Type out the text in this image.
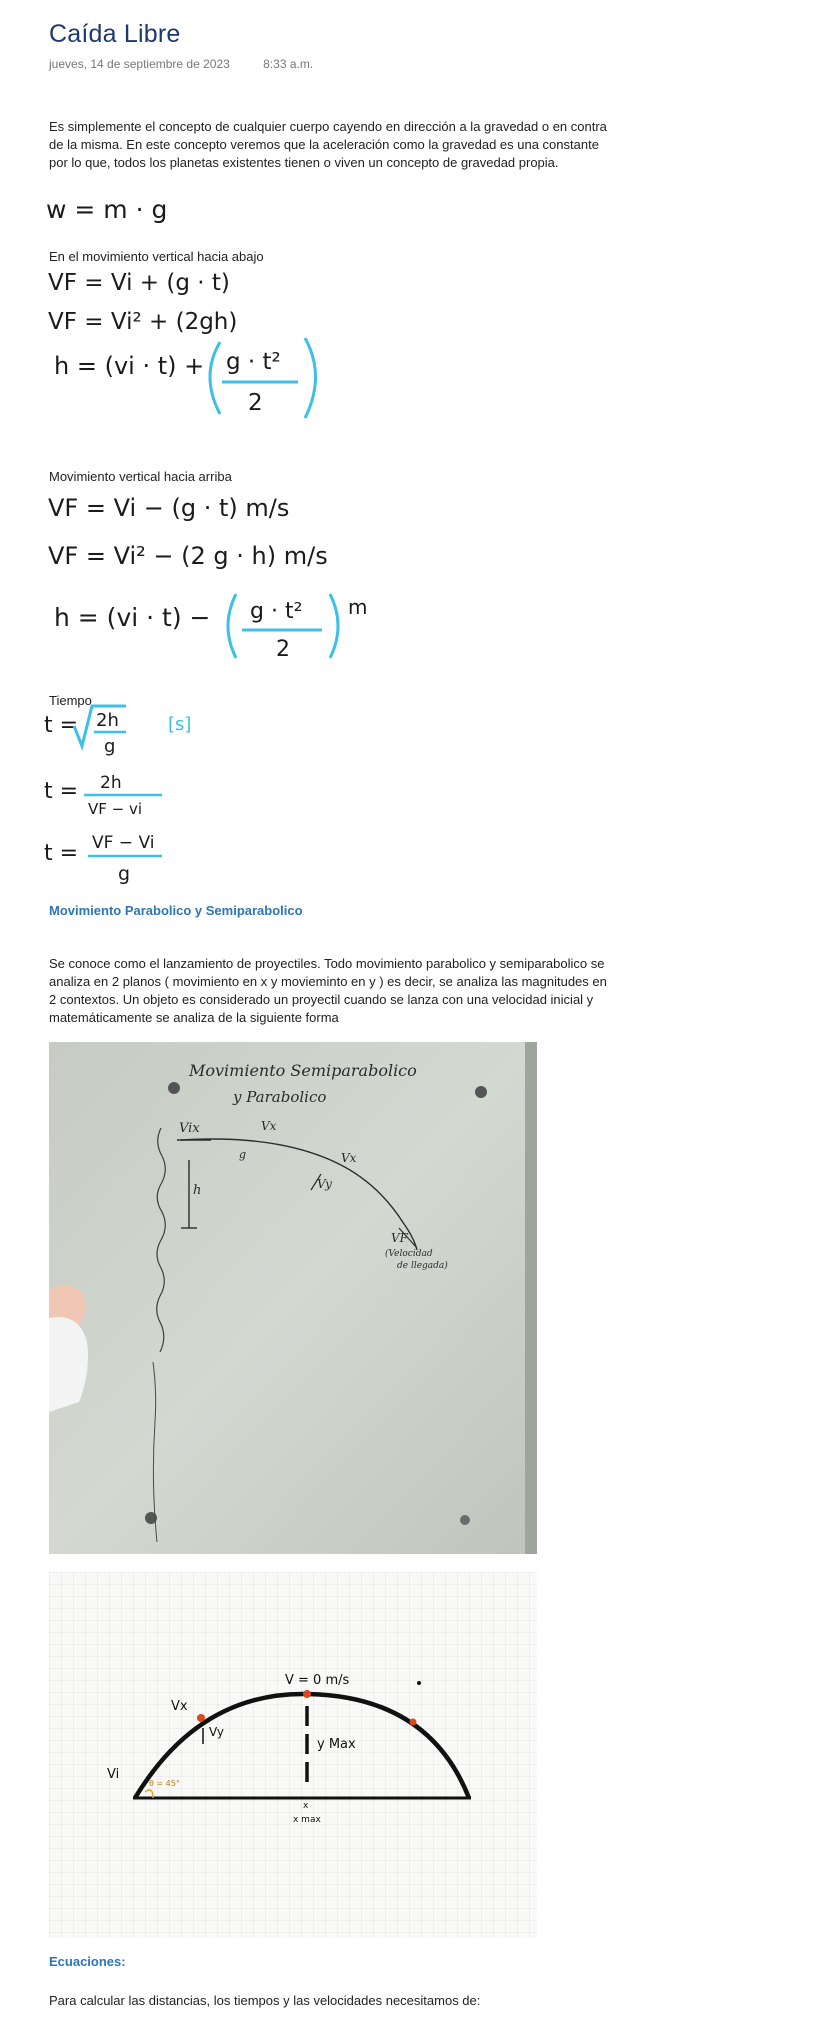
Caída Libre
jueves, 14 de septiembre de 2023	8:33 a.m.
Es simplemente el concepto de cualquier cuerpo cayendo en dirección a la gravedad o en contra de la misma. En este concepto veremos que la aceleración como la gravedad es una constante por lo que, todos los planetas existentes tienen o viven un concepto de gravedad propia.
w = m · g
En el movimiento vertical hacia abajo
VF = Vi + (g · t)
VF = Vi² + (2gh)
h = (vi · t) + g · t²
2
Movimiento vertical hacia arriba
VF = Vi − (g · t) m/s
VF = Vi² − (2 g · h) m/s
h = (vi · t) − g · t²
2
m
Tiempo
t = 2h
g
[s]
t = 2h
VF − vi
t = VF − Vi
g
Movimiento Parabolico y Semiparabolico
Se conoce como el lanzamiento de proyectiles. Todo movimiento parabolico y semiparabolico se analiza en 2 planos ( movimiento en x y movieminto en y ) es decir, se analiza las magnitudes en 2 contextos. Un objeto es considerado un proyectil cuando se lanza con una velocidad inicial y matemáticamente se analiza de la siguiente forma
Movimiento Semiparabolico
y Parabolico
Vix	Vx
g	Vx
Vy
h
VF
(Velocidad
de llegada)
V = 0 m/s
Vx
Vy
y Max
Vi
θ = 45°
x
x max
Ecuaciones:
Para calcular las distancias, los tiempos y las velocidades necesitamos de:
